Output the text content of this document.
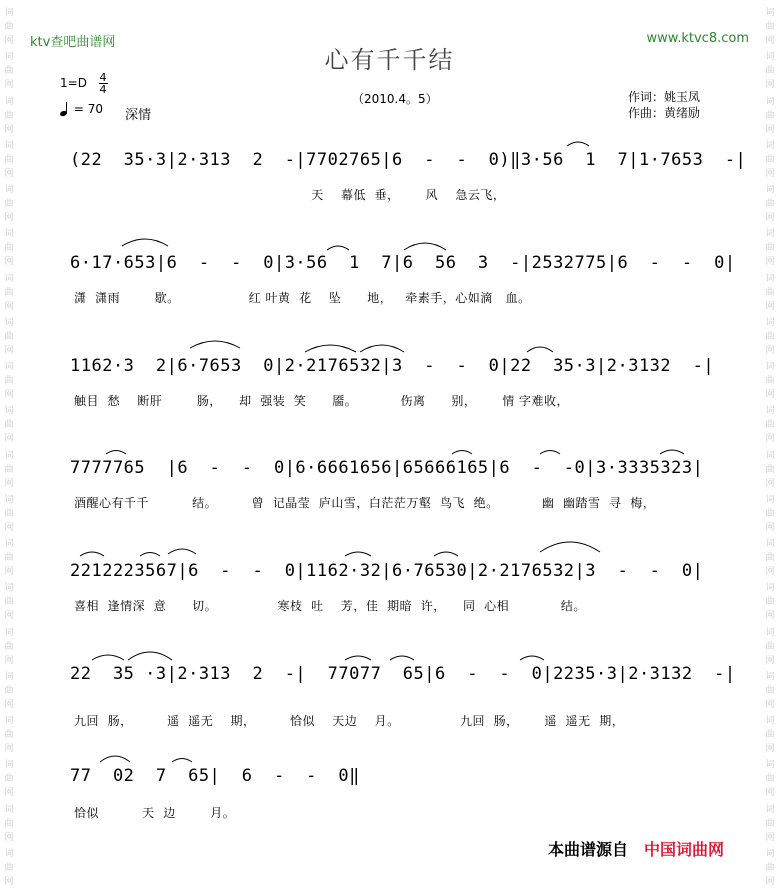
词
曲
网
词
曲
网
词
曲
网
词
曲
网
词
曲
网
词
曲
网
词
曲
网
词
曲
网
词
曲
网
词
曲
网
词
曲
网
词
曲
网
词
曲
网
词
曲
网
词
曲
网
词
曲
网
词
曲
网
词
曲
网
词
曲
网
词
曲
网
词
曲
网
词
曲
网
词
曲
网
词
曲
网
词
曲
网
词
曲
网
词
曲
网
词
曲
网
词
曲
网
词
曲
网
词
曲
网
词
曲
网
词
曲
网
词
曲
网
词
曲
网
词
曲
网
词
曲
网
词
曲
网
词
曲
网
词
曲
网
ktv查吧曲谱网	www.ktvc8.com
心有千千结
1=D 4
4
= 70 深情
（2010.4。5）	作词：姚玉凤
作曲：黄绪励
(22  35·3|2·313  2  -|7702765|6  -  -  0)‖3·56  1  7|1·7653  -|
天    幕低  垂，      风    急云飞，
6·17·653|6  -  -  0|3·56  1  7|6  56  3  -|2532775|6  -  -  0|
潇  潇雨        歇。                红 叶黄  花    坠      地，   牵素手，心如滴   血。
1162·3  2|6·7653  0|2·2176532|3  -  -  0|22  35·3|2·3132  -|
触目  愁    断肝        肠，    却  强装  笑      靥。          伤离      别，      情 字难收，
7777765  |6  -  -  0|6·6661656|65666165|6  -  -0|3·3335323|
酒醒心有千千          结。        曾  记晶莹  庐山雪，白茫茫万壑  鸟飞  绝。          幽  幽踏雪  寻  梅，
2212223567|6  -  -  0|1162·32|6·76530|2·2176532|3  -  -  0|
喜相  逢情深  意      切。              寒枝  吐    芳，佳  期暗  许，    同  心相            结。
22  35 ·3|2·313  2  -|  77077  65|6  -  -  0|2235·3|2·3132  -|
九回  肠，        遥  遥无    期，        恰似    天边    月。              九回  肠，      遥  遥无  期，
77  02  7  65|  6  -  -  0‖
恰似          天  边        月。
本曲谱源自 中国词曲网
